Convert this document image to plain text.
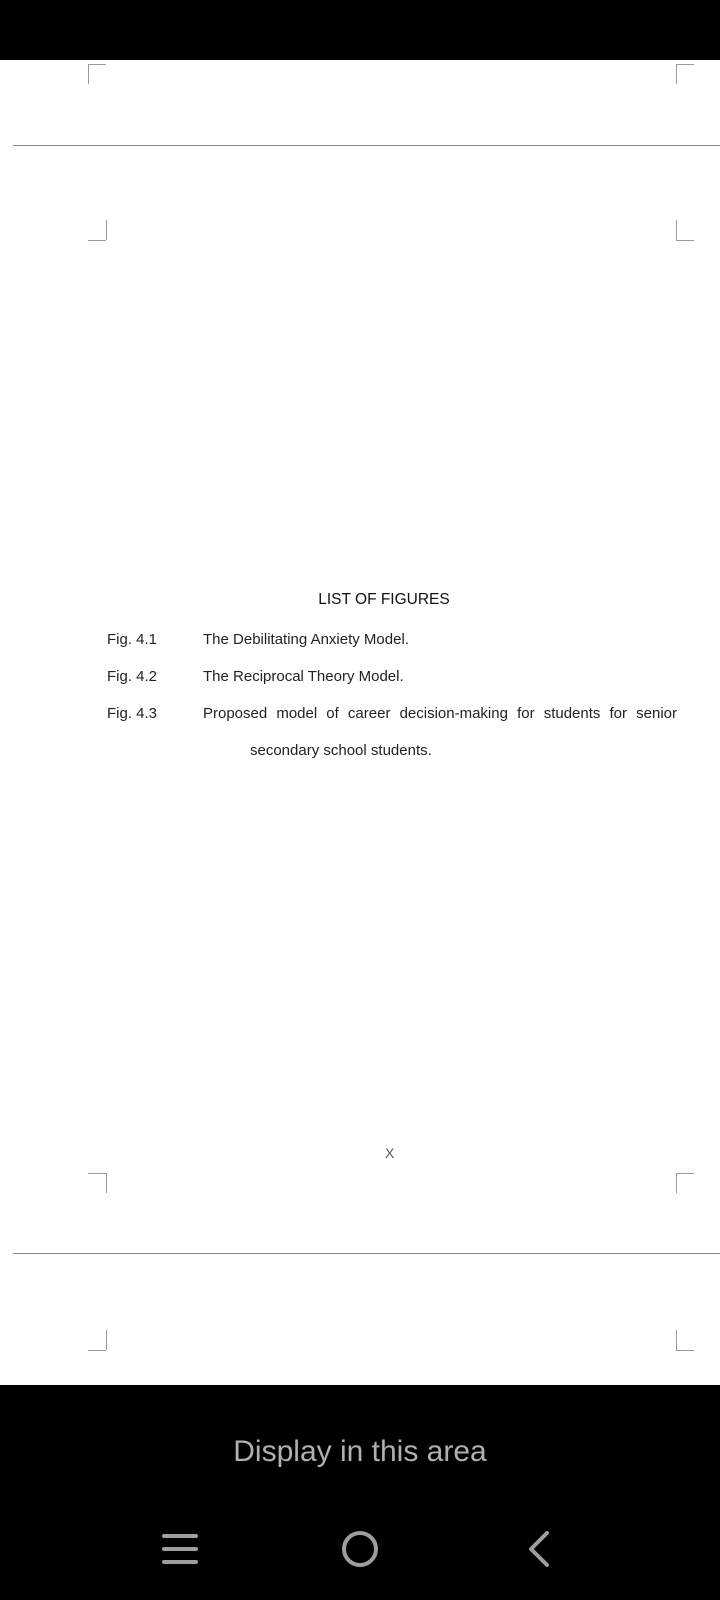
LIST OF FIGURES
Fig. 4.1	The Debilitating Anxiety Model.
Fig. 4.2	The Reciprocal Theory Model.
Fig. 4.3	Proposed model of career decision-making for students for senior
secondary school students.
X
Display in this area
